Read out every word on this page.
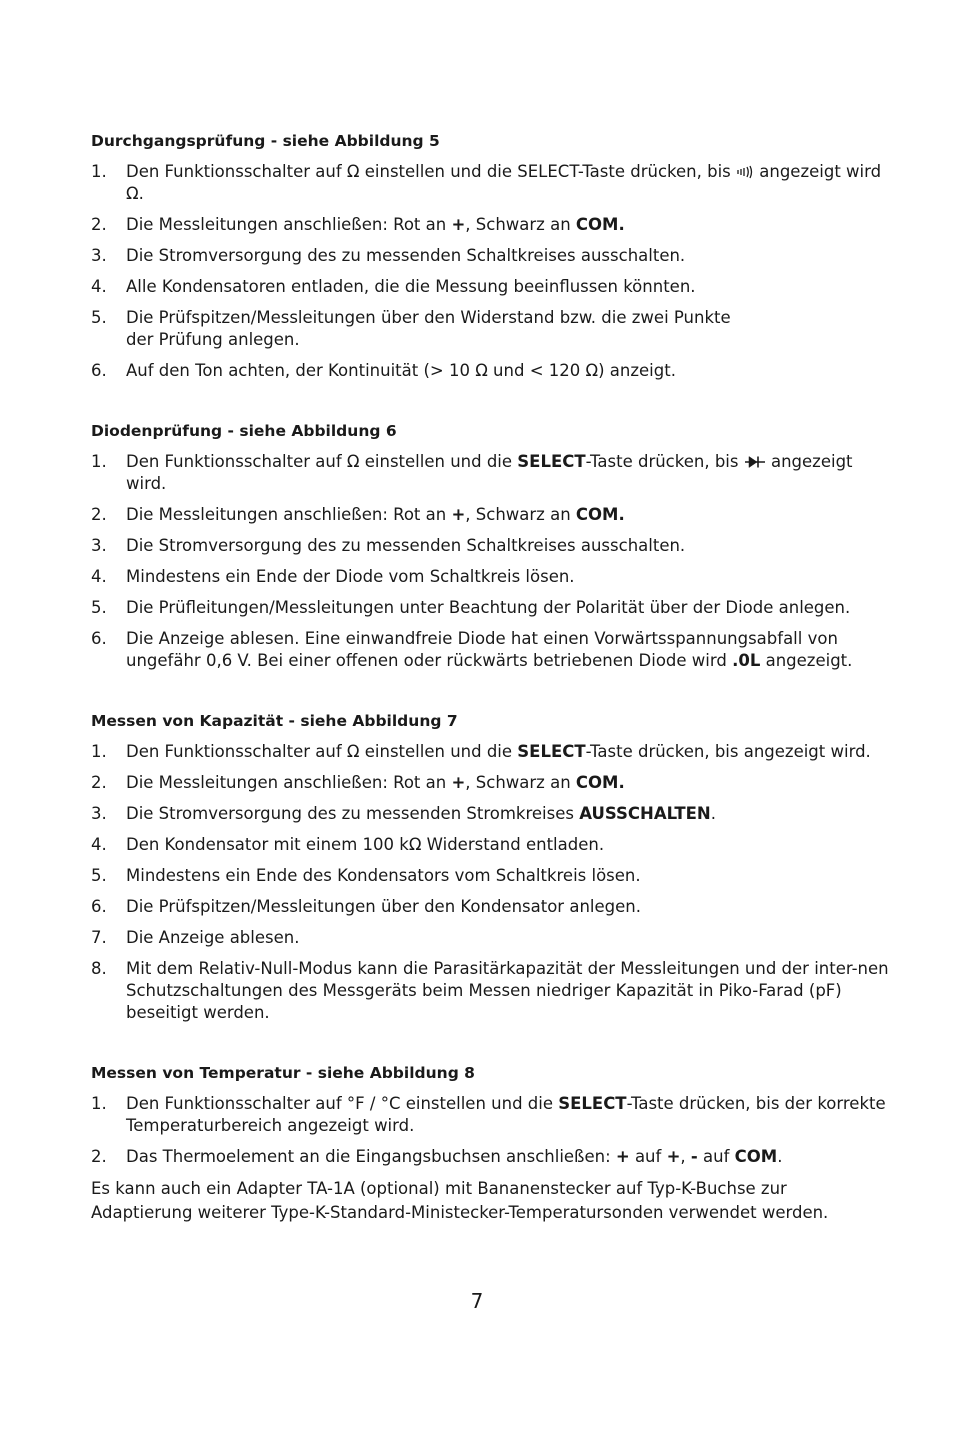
Durchgangsprüfung - siehe Abbildung 5
1.	Den Funktionsschalter auf Ω einstellen und die SELECT-Taste drücken, bis  angezeigt wird Ω.
2.	Die Messleitungen anschließen: Rot an +, Schwarz an COM.
3.	Die Stromversorgung des zu messenden Schaltkreises ausschalten.
4.	Alle Kondensatoren entladen, die die Messung beeinflussen könnten.
5.	Die Prüfspitzen/Messleitungen über den Widerstand bzw. die zwei Punkte
der Prüfung anlegen.
6.	Auf den Ton achten, der Kontinuität (> 10 Ω und < 120 Ω) anzeigt.
Diodenprüfung - siehe Abbildung 6
1.	Den Funktionsschalter auf Ω einstellen und die SELECT-Taste drücken, bis  angezeigt wird.
2.	Die Messleitungen anschließen: Rot an +, Schwarz an COM.
3.	Die Stromversorgung des zu messenden Schaltkreises ausschalten.
4.	Mindestens ein Ende der Diode vom Schaltkreis lösen.
5.	Die Prüfleitungen/Messleitungen unter Beachtung der Polarität über der Diode anlegen.
6.	Die Anzeige ablesen. Eine einwandfreie Diode hat einen Vorwärtsspannungsabfall von ungefähr 0,6 V. Bei einer offenen oder rückwärts betriebenen Diode wird .0L angezeigt.
Messen von Kapazität - siehe Abbildung 7
1.	Den Funktionsschalter auf Ω einstellen und die SELECT-Taste drücken, bis angezeigt wird.
2.	Die Messleitungen anschließen: Rot an +, Schwarz an COM.
3.	Die Stromversorgung des zu messenden Stromkreises AUSSCHALTEN.
4.	Den Kondensator mit einem 100 kΩ Widerstand entladen.
5.	Mindestens ein Ende des Kondensators vom Schaltkreis lösen.
6.	Die Prüfspitzen/Messleitungen über den Kondensator anlegen.
7.	Die Anzeige ablesen.
8.	Mit dem Relativ-Null-Modus kann die Parasitärkapazität der Messleitungen und der inter-nen Schutzschaltungen des Messgeräts beim Messen niedriger Kapazität in Piko-Farad (pF) beseitigt werden.
Messen von Temperatur - siehe Abbildung 8
1.	Den Funktionsschalter auf °F / °C einstellen und die SELECT-Taste drücken, bis der korrekte Temperaturbereich angezeigt wird.
2.	Das Thermoelement an die Eingangsbuchsen anschließen: + auf +, - auf COM.

Es kann auch ein Adapter TA-1A (optional) mit Bananenstecker auf Typ-K-Buchse zur Adaptierung weiterer Type-K-Standard-Ministecker-Temperatursonden verwendet werden.

7
